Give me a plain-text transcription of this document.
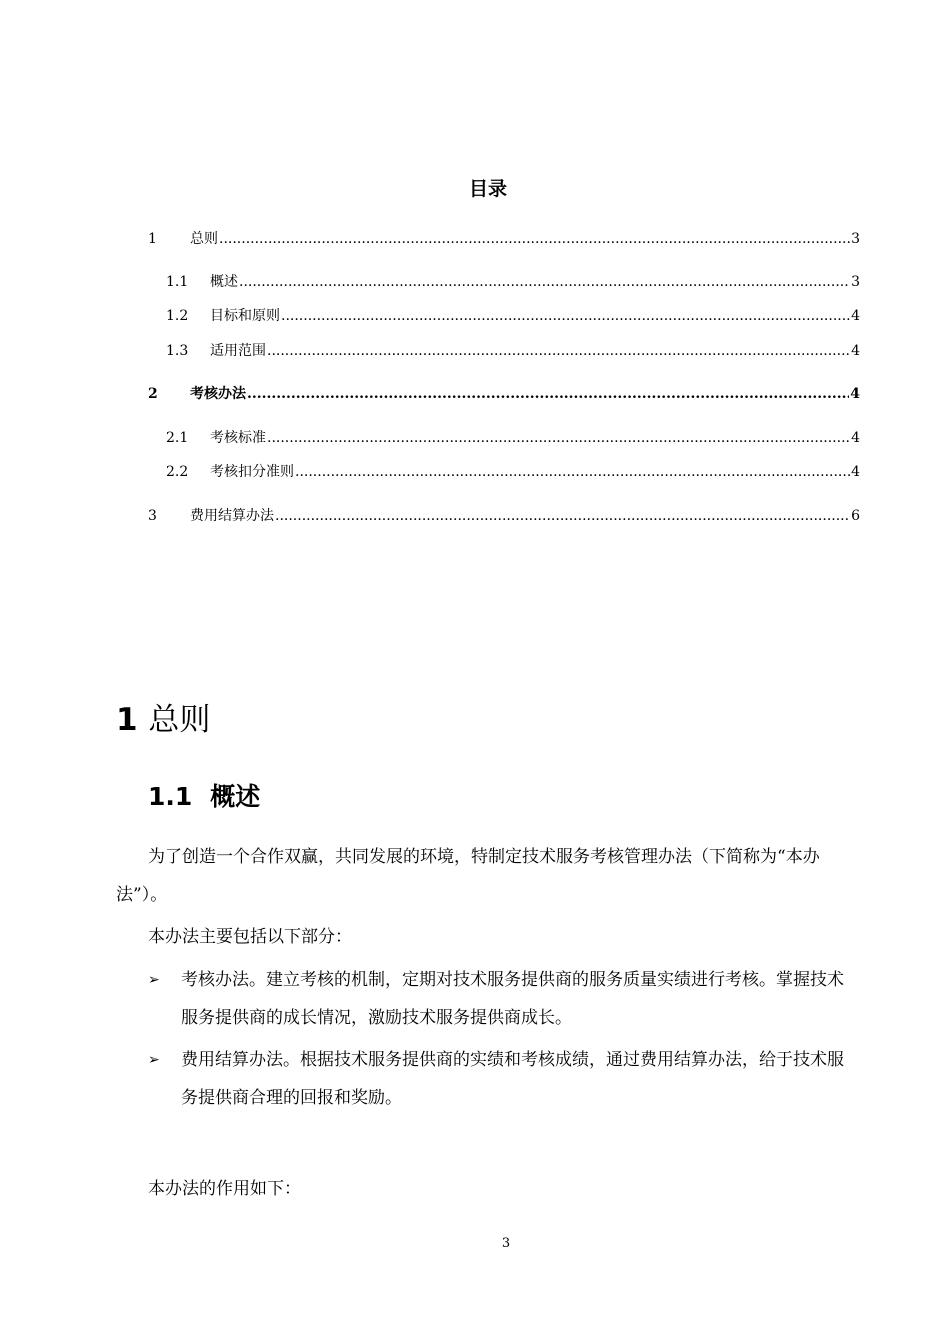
目录
1	总则 .....	3
1.1	概述 .....	3
1.2	目标和原则 .....	4
1.3	适用范围 .....	4
2	考核办法 .....	4
2.1	考核标准 .....	4
2.2	考核扣分准则 .....	4
3	费用结算办法 .....	6
1 总则
1.1 概述
为了创造一个合作双赢，共同发展的环境，特制定技术服务考核管理办法（下简称为“本办法”）。
本办法主要包括以下部分：
➢ 考核办法。建立考核的机制，定期对技术服务提供商的服务质量实绩进行考核。掌握技术服务提供商的成长情况，激励技术服务提供商成长。
➢ 费用结算办法。根据技术服务提供商的实绩和考核成绩，通过费用结算办法，给于技术服务提供商合理的回报和奖励。
本办法的作用如下：
3
